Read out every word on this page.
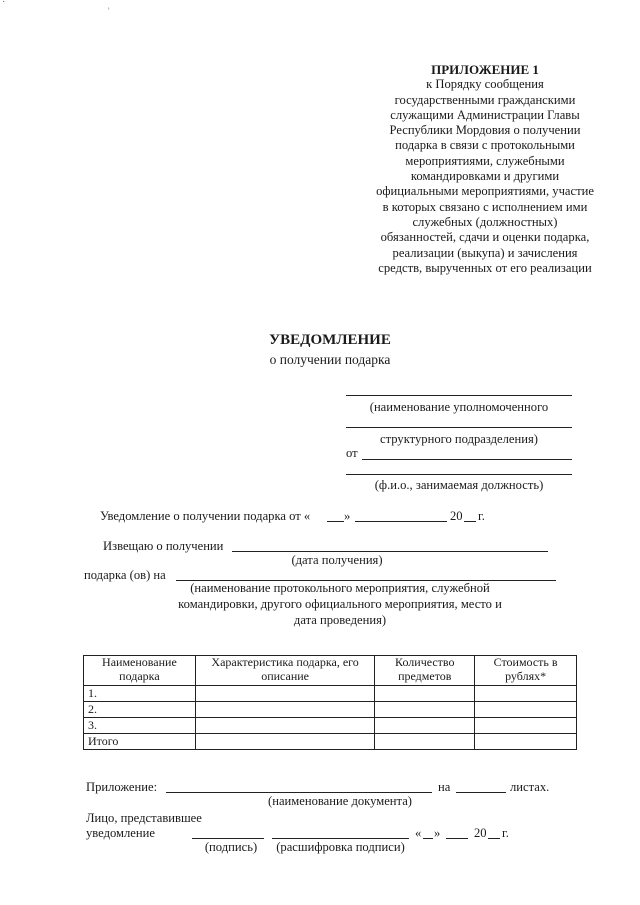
˙	˒
ПРИЛОЖЕНИЕ 1
к Порядку сообщения
государственными гражданскими
служащими Администрации Главы
Республики Мордовия о получении
подарка в связи с протокольными
мероприятиями, служебными
командировками и другими
официальными мероприятиями, участие
в которых связано с исполнением ими
служебных (должностных)
обязанностей, сдачи и оценки подарка,
реализации (выкупа) и зачисления
средств, вырученных от его реализации
УВЕДОМЛЕНИЕ
о получении подарка
(наименование уполномоченного
структурного подразделения)
от
(ф.и.о., занимаемая должность)
Уведомление о получении подарка от «	»	20 г.
Извещаю о получении
(дата получения)
подарка (ов) на
(наименование протокольного мероприятия, служебной
командировки, другого официального мероприятия, место и
дата проведения)
Наименование подарка	Характеристика подарка, его описание	Количество предметов	Стоимость в рублях*
1.			
2.			
3.			
Итого			
Приложение:	на	листах.
(наименование документа)
Лицо, представившее
уведомление	« »	20 г.
(подпись)	(расшифровка подписи)
